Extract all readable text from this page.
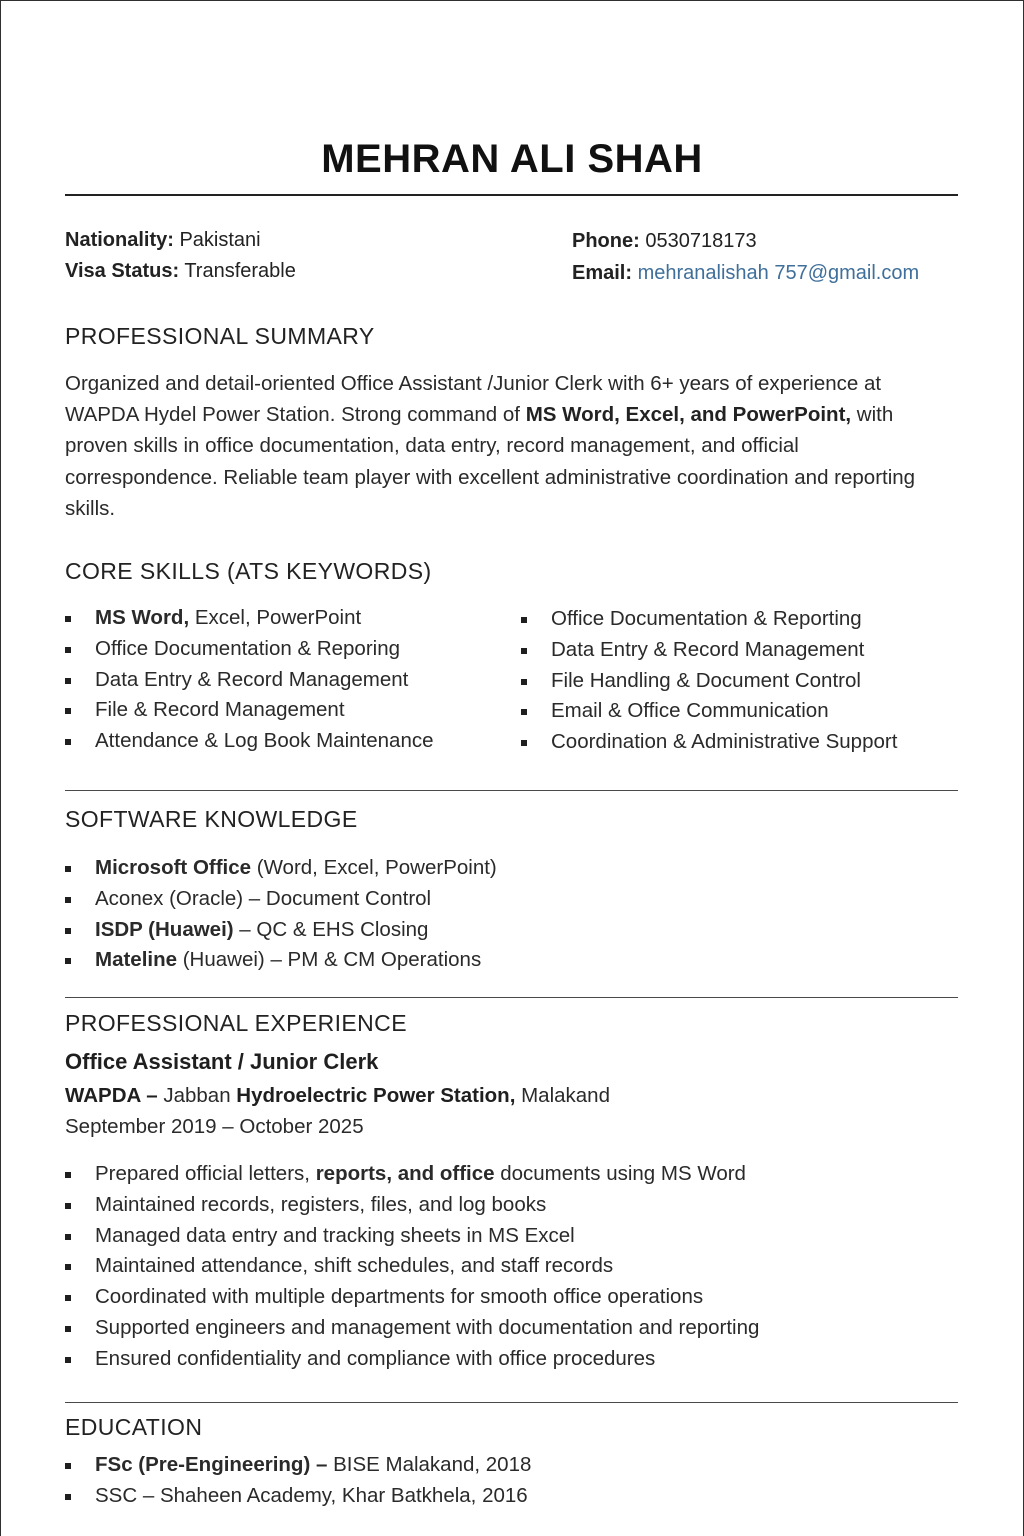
MEHRAN ALI SHAH
Nationality: Pakistani
Visa Status: Transferable
Phone: 0530718173
Email: mehranalishah 757@gmail.com
PROFESSIONAL SUMMARY

Organized and detail-oriented Office Assistant /Junior Clerk with 6+ years of experience at WAPDA Hydel Power Station. Strong command of MS Word, Excel, and PowerPoint, with proven skills in office documentation, data entry, record management, and official correspondence. Reliable team player with excellent administrative coordination and reporting skills.

CORE SKILLS (ATS KEYWORDS)
MS Word, Excel, PowerPoint
Office Documentation & Reporing
Data Entry & Record Management
File & Record Management
Attendance & Log Book Maintenance
Office Documentation & Reporting
Data Entry & Record Management
File Handling & Document Control
Email & Office Communication
Coordination & Administrative Support
SOFTWARE KNOWLEDGE
Microsoft Office (Word, Excel, PowerPoint)
Aconex (Oracle) – Document Control
ISDP (Huawei) – QC & EHS Closing
Mateline (Huawei) – PM & CM Operations
PROFESSIONAL EXPERIENCE
Office Assistant / Junior Clerk
WAPDA – Jabban Hydroelectric Power Station, Malakand
September 2019 – October 2025
Prepared official letters, reports, and office documents using MS Word
Maintained records, registers, files, and log books
Managed data entry and tracking sheets in MS Excel
Maintained attendance, shift schedules, and staff records
Coordinated with multiple departments for smooth office operations
Supported engineers and management with documentation and reporting
Ensured confidentiality and compliance with office procedures
EDUCATION
FSc (Pre-Engineering) – BISE Malakand, 2018
SSC – Shaheen Academy, Khar Batkhela, 2016
